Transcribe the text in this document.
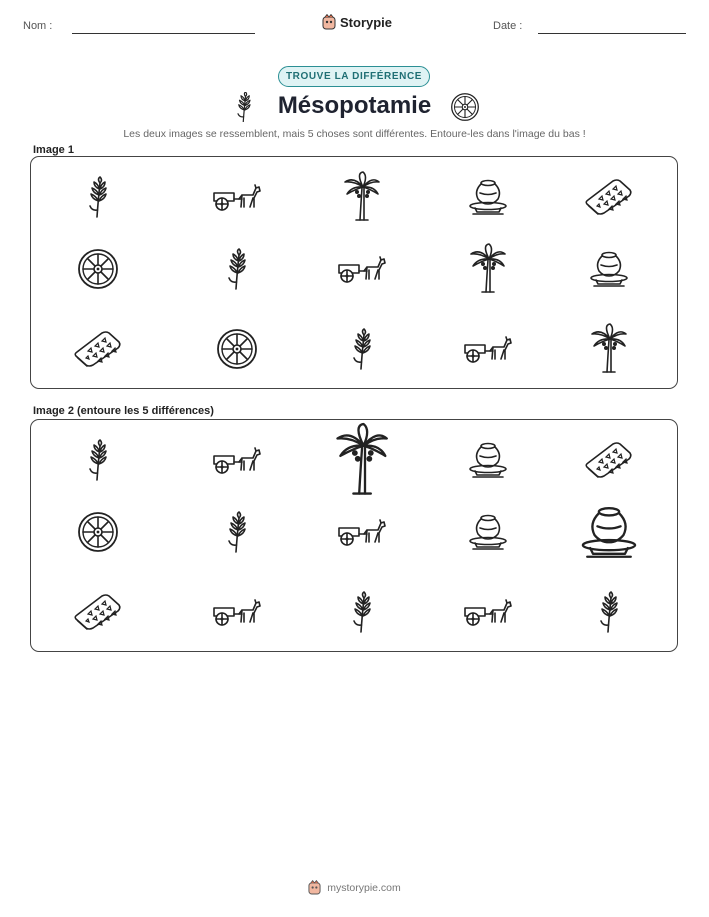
Nom :	Storypie	Date :
TROUVE LA DIFFÉRENCE
Mésopotamie
Les deux images se ressemblent, mais 5 choses sont différentes. Entoure-les dans l'image du bas !
Image 1
Image 2 (entoure les 5 différences)
mystorypie.com
